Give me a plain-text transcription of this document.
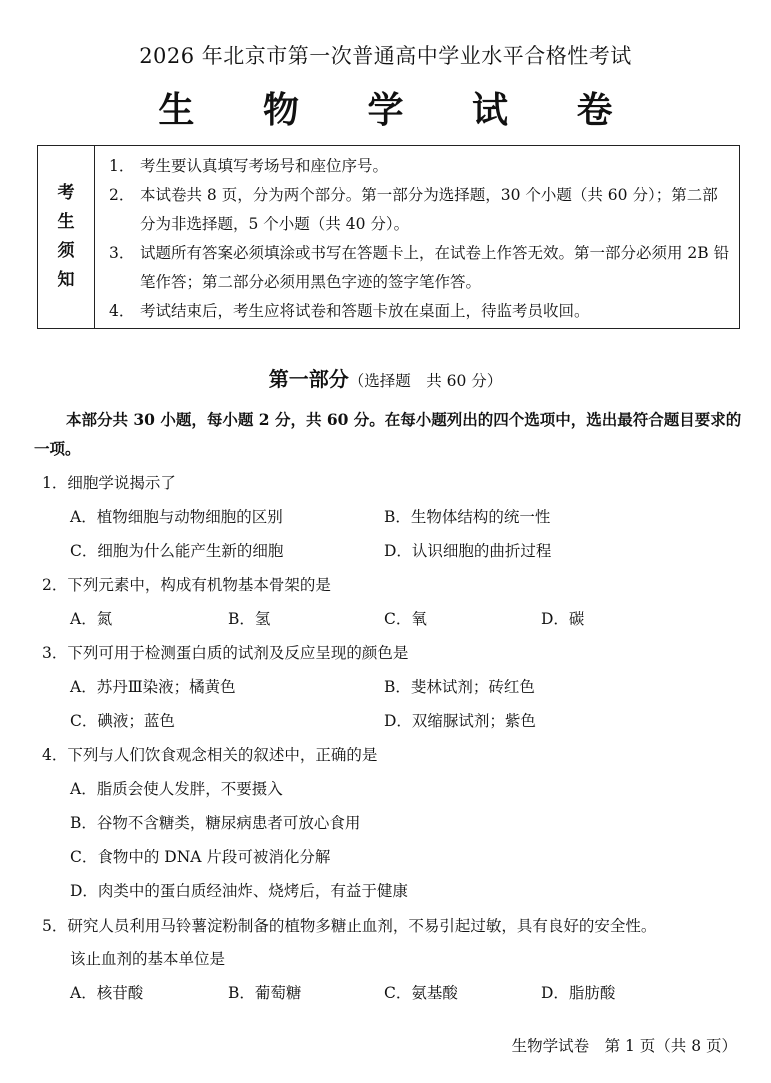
2026 年北京市第一次普通高中学业水平合格性考试
生 物 学 试 卷
考
生
须
知
1． 考生要认真填写考场号和座位序号。
2． 本试卷共 8 页，分为两个部分。第一部分为选择题，30 个小题（共 60 分）；第二部分为非选择题，5 个小题（共 40 分）。
3． 试题所有答案必须填涂或书写在答题卡上，在试卷上作答无效。第一部分必须用 2B 铅笔作答；第二部分必须用黑色字迹的签字笔作答。
4． 考试结束后，考生应将试卷和答题卡放在桌面上，待监考员收回。
第一部分（选择题　共 60 分）
本部分共 30 小题，每小题 2 分，共 60 分。在每小题列出的四个选项中，选出最符合题目要求的一项。
1．细胞学说揭示了
A．植物细胞与动物细胞的区别	B．生物体结构的统一性
C．细胞为什么能产生新的细胞	D．认识细胞的曲折过程
2．下列元素中，构成有机物基本骨架的是
A．氮	B．氢	C．氧	D．碳
3．下列可用于检测蛋白质的试剂及反应呈现的颜色是
A．苏丹Ⅲ染液；橘黄色	B．斐林试剂；砖红色
C．碘液；蓝色	D．双缩脲试剂；紫色
4．下列与人们饮食观念相关的叙述中，正确的是
A．脂质会使人发胖，不要摄入
B．谷物不含糖类，糖尿病患者可放心食用
C．食物中的 DNA 片段可被消化分解
D．肉类中的蛋白质经油炸、烧烤后，有益于健康
5．研究人员利用马铃薯淀粉制备的植物多糖止血剂，不易引起过敏，具有良好的安全性。
该止血剂的基本单位是
A．核苷酸	B．葡萄糖	C．氨基酸	D．脂肪酸
生物学试卷　第 1 页（共 8 页）
